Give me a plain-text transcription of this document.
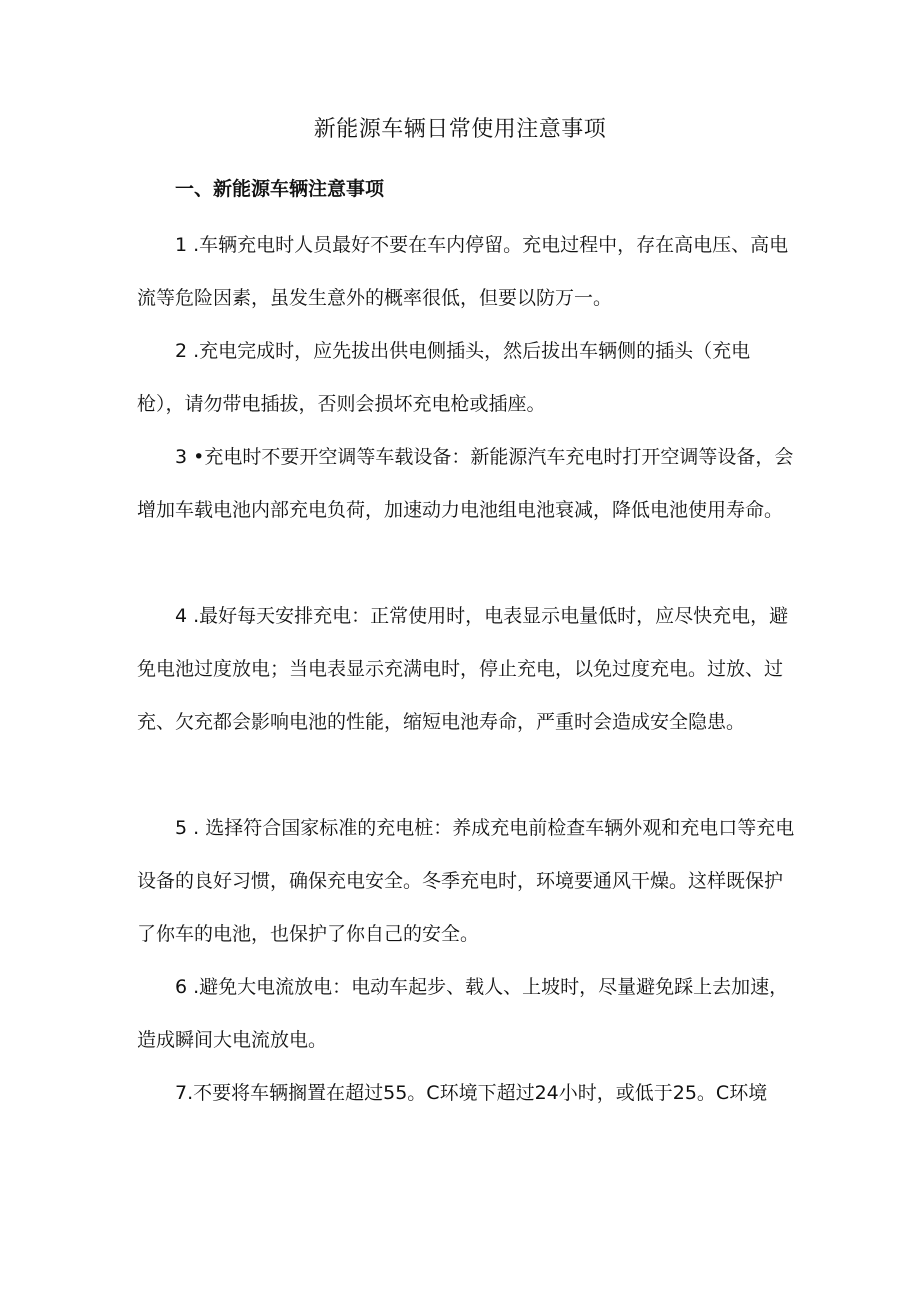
新能源车辆日常使用注意事项
一、新能源车辆注意事项

1 .车辆充电时人员最好不要在车内停留。充电过程中，存在高电压、高电流等危险因素，虽发生意外的概率很低，但要以防万一。

2 .充电完成时，应先拔出供电侧插头，然后拔出车辆侧的插头（充电枪），请勿带电插拔，否则会损坏充电枪或插座。

3 •充电时不要开空调等车载设备：新能源汽车充电时打开空调等设备，会增加车载电池内部充电负荷，加速动力电池组电池衰减，降低电池使用寿命。

4 .最好每天安排充电：正常使用时，电表显示电量低时，应尽快充电，避免电池过度放电；当电表显示充满电时，停止充电，以免过度充电。过放、过充、欠充都会影响电池的性能，缩短电池寿命，严重时会造成安全隐患。

5 . 选择符合国家标准的充电桩：养成充电前检查车辆外观和充电口等充电设备的良好习惯，确保充电安全。冬季充电时，环境要通风干燥。这样既保护了你车的电池，也保护了你自己的安全。

6 .避免大电流放电：电动车起步、载人、上坡时，尽量避免踩上去加速，造成瞬间大电流放电。

7.不要将车辆搁置在超过55。C环境下超过24小时，或低于25。C环境
